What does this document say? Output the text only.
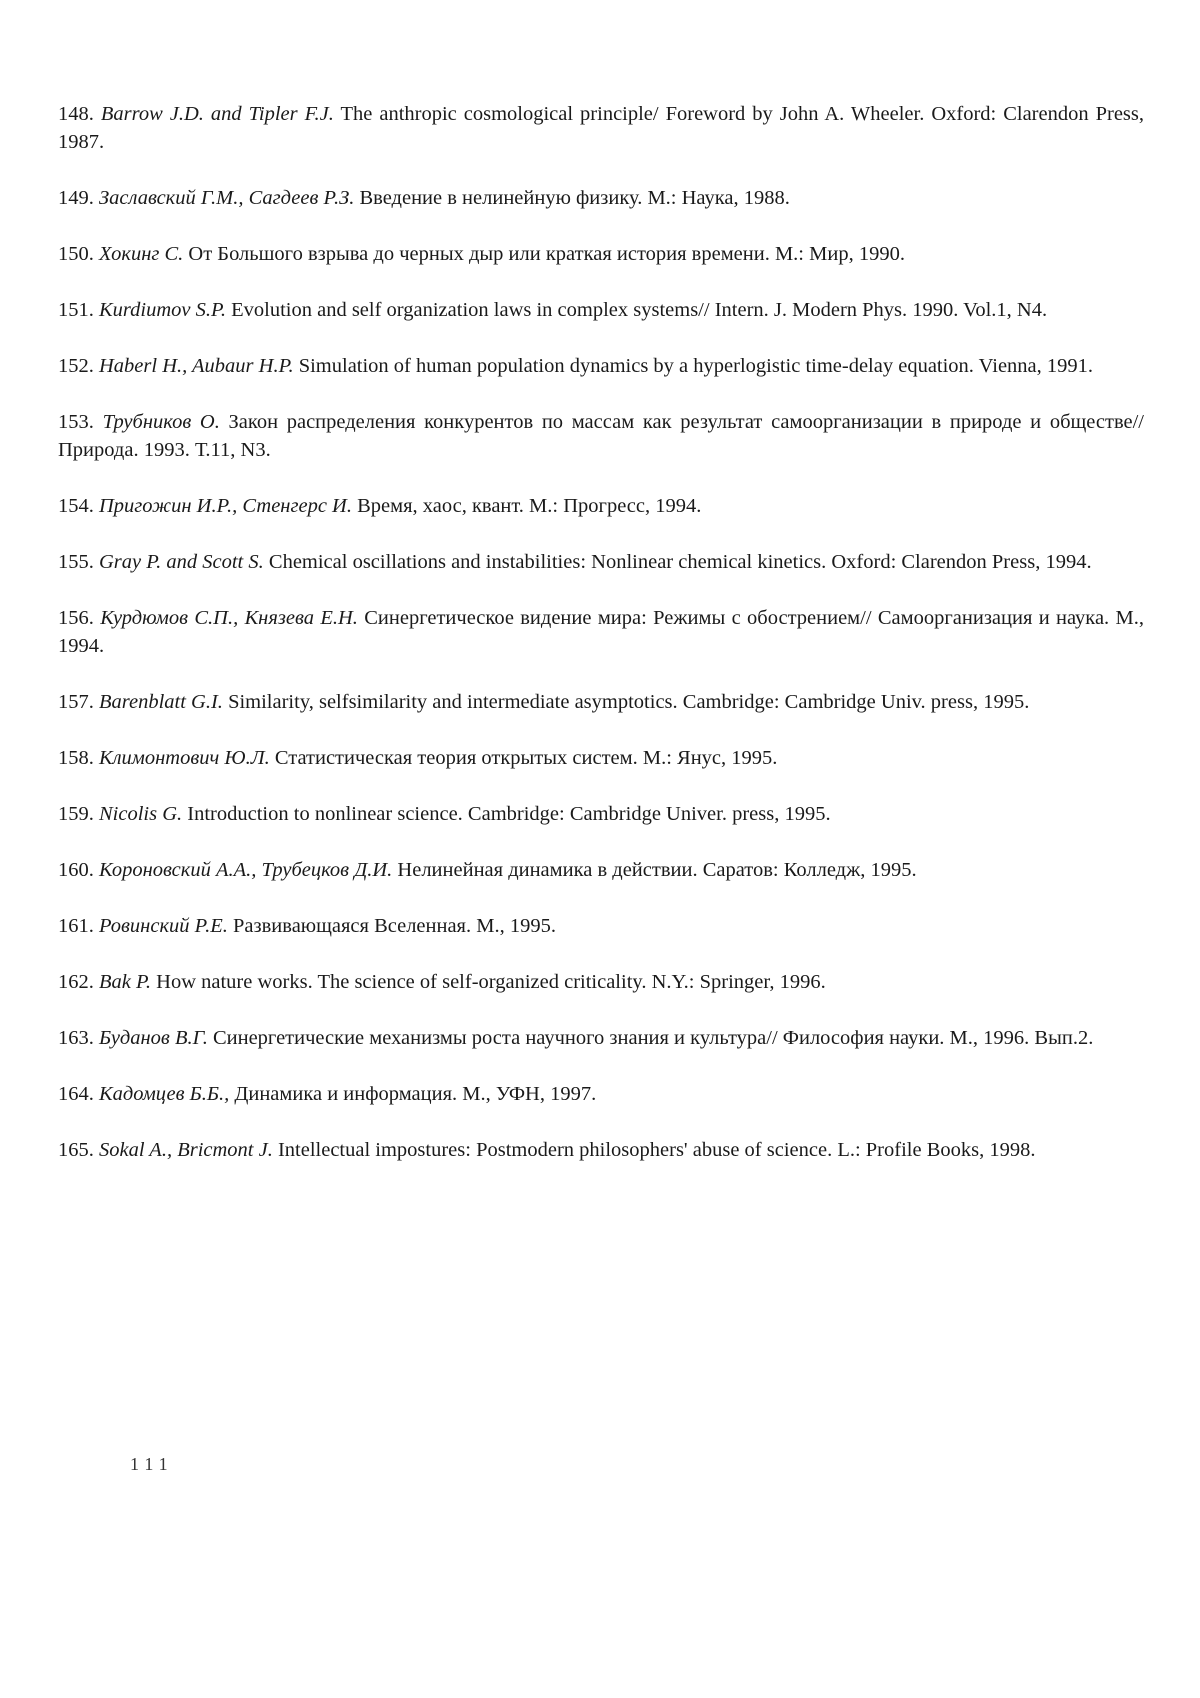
148. Barrow J.D. and Tipler F.J. The anthropic cosmological principle/ Foreword by John A. Wheeler. Oxford: Clarendon Press, 1987.
149. Заславский Г.М., Сагдеев Р.З. Введение в нелинейную физику. М.: Наука, 1988.
150. Хокинг С. От Большого взрыва до черных дыр или краткая история времени. М.: Мир, 1990.
151. Kurdiumov S.P. Evolution and self organization laws in complex systems// Intern. J. Modern Phys. 1990. Vol.1, N4.
152. Haberl H., Aubaur H.P. Simulation of human population dynamics by a hyperlogistic time-delay equation. Vienna, 1991.
153. Трубников О. Закон распределения конкурентов по массам как результат самоорганизации в природе и обществе// Природа. 1993. Т.11, N3.
154. Пригожин И.Р., Стенгерс И. Время, хаос, квант. М.: Прогресс, 1994.
155. Gray P. and Scott S. Chemical oscillations and instabilities: Nonlinear chemical kinetics. Oxford: Clarendon Press, 1994.
156. Курдюмов С.П., Князева Е.Н. Синергетическое видение мира: Режимы с обострением// Самоорганизация и наука. М., 1994.
157. Barenblatt G.I. Similarity, selfsimilarity and intermediate asymptotics. Cambridge: Cambridge Univ. press, 1995.
158. Климонтович Ю.Л. Статистическая теория открытых систем. М.: Янус, 1995.
159. Nicolis G. Introduction to nonlinear science. Cambridge: Cambridge Univer. press, 1995.
160. Короновский А.А., Трубецков Д.И. Нелинейная динамика в действии. Саратов: Колледж, 1995.
161. Ровинский Р.Е. Развивающаяся Вселенная. М., 1995.
162. Bak P. How nature works. The science of self-organized criticality. N.Y.: Springer, 1996.
163. Буданов В.Г. Синергетические механизмы роста научного знания и культура// Философия науки. М., 1996. Вып.2.
164. Кадомцев Б.Б., Динамика и информация. М., УФН, 1997.
165. Sokal A., Bricmont J. Intellectual impostures: Postmodern philosophers' abuse of science. L.: Profile Books, 1998.
111
